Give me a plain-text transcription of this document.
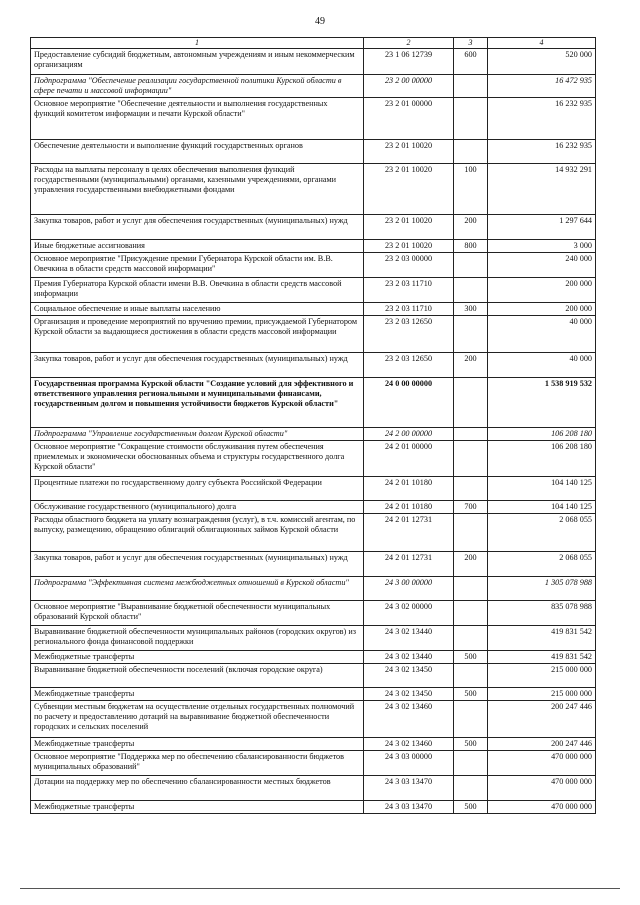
49
1	2	3	4
Предоставление субсидий бюджетным, автономным учреждениям и иным некоммерческим организациям	23 1 06 12739	600	520 000
Подпрограмма "Обеспечение реализации государственной политики Курской области в сфере печати и массовой информации"	23 2 00 00000		16 472 935
Основное мероприятие "Обеспечение деятельности и выполнения государственных функций комитетом информации и печати Курской области"	23 2 01 00000		16 232 935
Обеспечение деятельности и выполнение функций государственных органов	23 2 01 10020		16 232 935
Расходы на выплаты персоналу в целях обеспечения выполнения функций государственными (муниципальными) органами, казенными учреждениями, органами управления государственными внебюджетными фондами	23 2 01 10020	100	14 932 291
Закупка товаров, работ и услуг для обеспечения государственных (муниципальных) нужд	23 2 01 10020	200	1 297 644
Иные бюджетные ассигнования	23 2 01 10020	800	3 000
Основное мероприятие "Присуждение премии Губернатора Курской области им. В.В. Овечкина в области средств массовой информации"	23 2 03 00000		240 000
Премия Губернатора Курской области имени В.В. Овечкина в области средств массовой информации	23 2 03 11710		200 000
Социальное обеспечение и иные выплаты населению	23 2 03 11710	300	200 000
Организация и проведение мероприятий по вручению премии, присуждаемой Губернатором Курской области за выдающиеся достижения в области средств массовой информации	23 2 03 12650		40 000
Закупка товаров, работ и услуг для обеспечения государственных (муниципальных) нужд	23 2 03 12650	200	40 000
Государственная программа Курской области "Создание условий для эффективного и ответственного управления региональными и муниципальными финансами, государственным долгом и повышения устойчивости бюджетов Курской области"	24 0 00 00000		1 538 919 532
Подпрограмма "Управление государственным долгом Курской области"	24 2 00 00000		106 208 180
Основное мероприятие "Сокращение стоимости обслуживания путем обеспечения приемлемых и экономически обоснованных объема и структуры государственного долга Курской области"	24 2 01 00000		106 208 180
Процентные платежи по государственному долгу субъекта Российской Федерации	24 2 01 10180		104 140 125
Обслуживание государственного (муниципального) долга	24 2 01 10180	700	104 140 125
Расходы областного бюджета на уплату вознаграждения (услуг), в т.ч. комиссий агентам, по выпуску, размещению, обращению облигаций облигационных займов Курской области	24 2 01 12731		2 068 055
Закупка товаров, работ и услуг для обеспечения государственных (муниципальных) нужд	24 2 01 12731	200	2 068 055
Подпрограмма "Эффективная система межбюджетных отношений в Курской области"	24 3 00 00000		1 305 078 988
Основное мероприятие "Выравнивание бюджетной обеспеченности муниципальных образований Курской области"	24 3 02 00000		835 078 988
Выравнивание бюджетной обеспеченности муниципальных районов (городских округов) из регионального фонда финансовой поддержки	24 3 02 13440		419 831 542
Межбюджетные трансферты	24 3 02 13440	500	419 831 542
Выравнивание бюджетной обеспеченности поселений (включая городские округа)	24 3 02 13450		215 000 000
Межбюджетные трансферты	24 3 02 13450	500	215 000 000
Субвенции местным бюджетам на осуществление отдельных государственных полномочий по расчету и предоставлению дотаций на выравнивание бюджетной обеспеченности городских и сельских поселений	24 3 02 13460		200 247 446
Межбюджетные трансферты	24 3 02 13460	500	200 247 446
Основное мероприятие "Поддержка мер по обеспечению сбалансированности бюджетов муниципальных образований"	24 3 03 00000		470 000 000
Дотации на поддержку мер по обеспечению сбалансированности местных бюджетов	24 3 03 13470		470 000 000
Межбюджетные трансферты	24 3 03 13470	500	470 000 000
